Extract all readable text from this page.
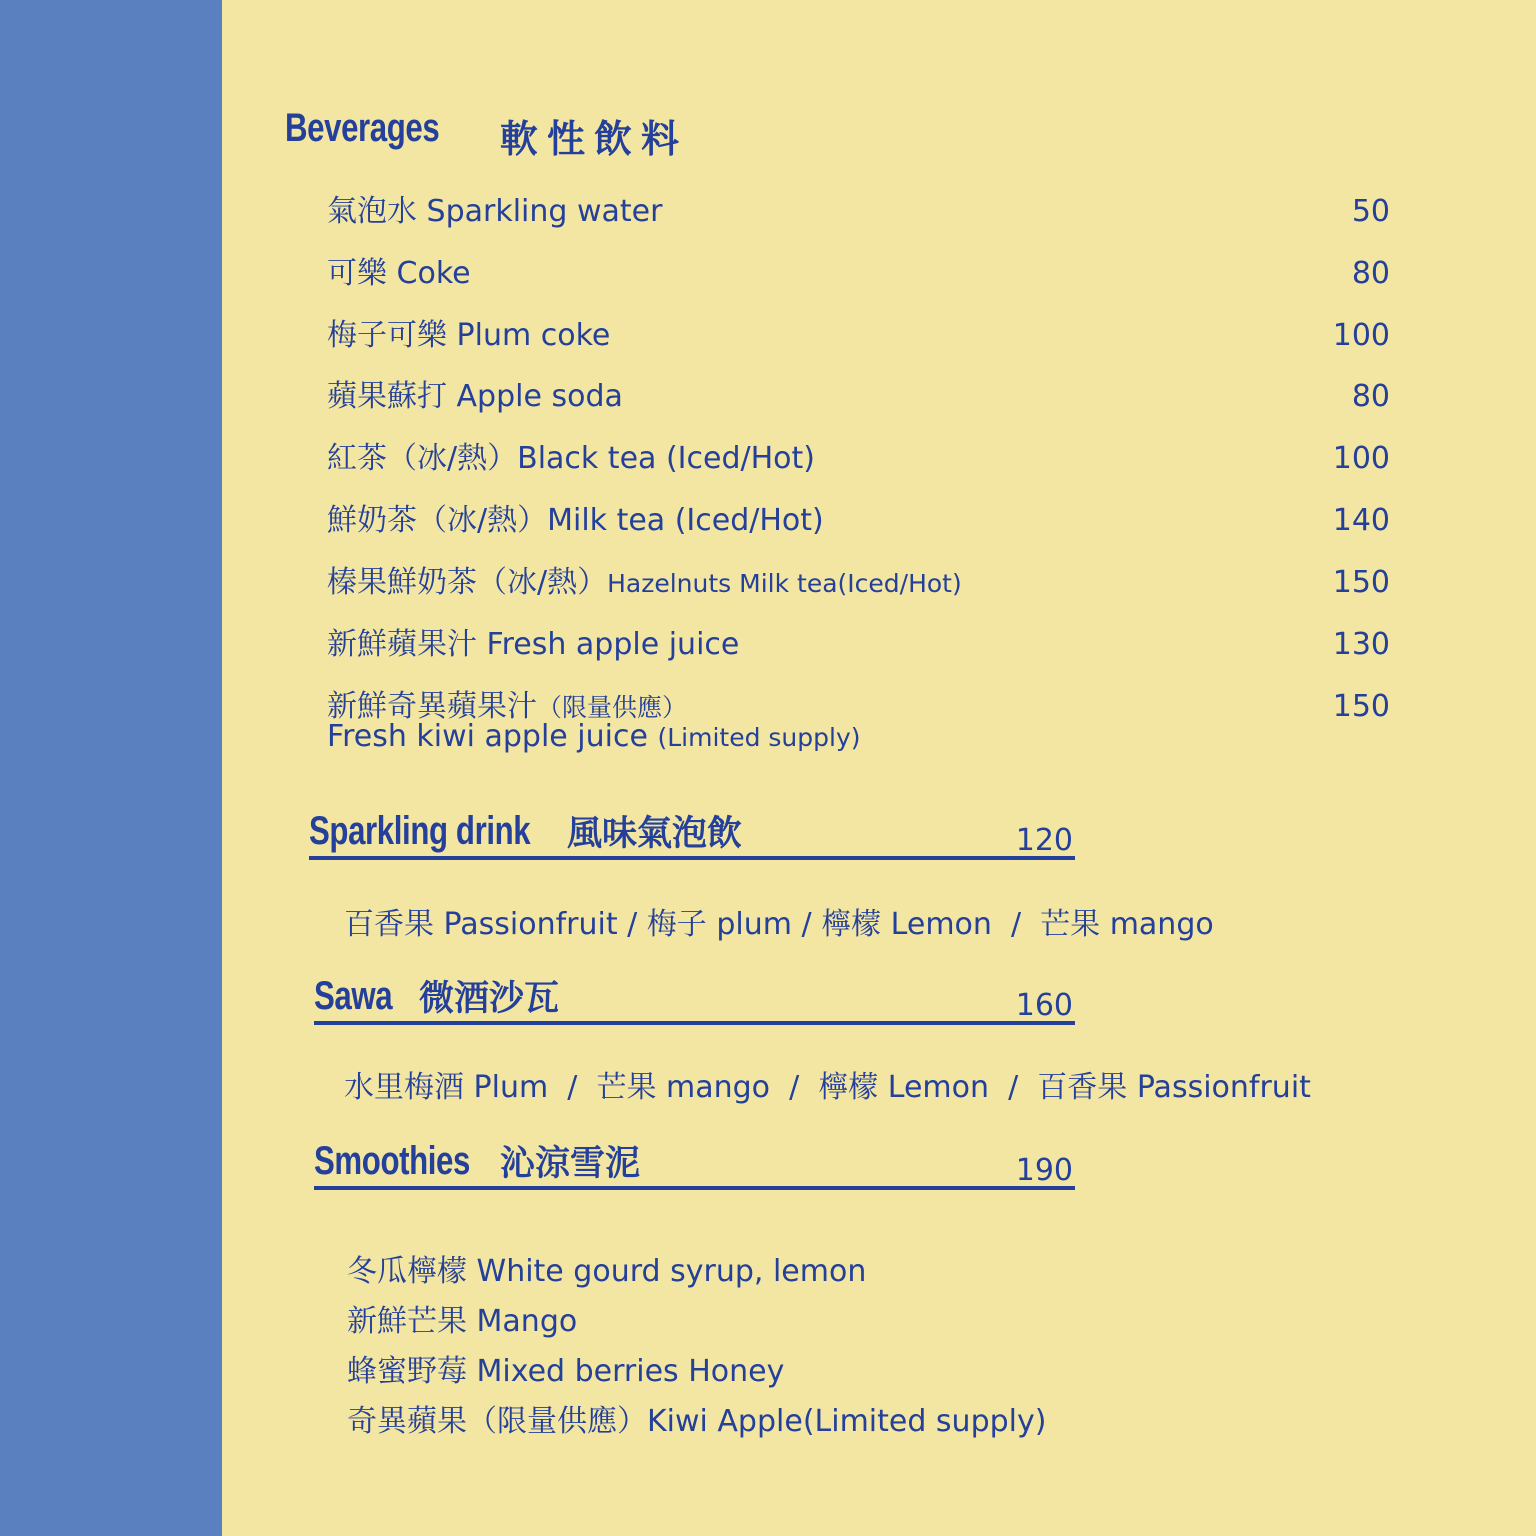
Beverages 軟性飲料
氣泡水 Sparkling water	50
可樂 Coke	80
梅子可樂 Plum coke	100
蘋果蘇打 Apple soda	80
紅茶（冰/熱）Black tea (Iced/Hot)	100
鮮奶茶（冰/熱）Milk tea (Iced/Hot)	140
榛果鮮奶茶（冰/熱）Hazelnuts Milk tea(Iced/Hot)	150
新鮮蘋果汁 Fresh apple juice	130
新鮮奇異蘋果汁（限量供應）	150
Fresh kiwi apple juice (Limited supply)
Sparkling drink 風味氣泡飲	120
百香果 Passionfruit / 梅子 plum / 檸檬 Lemon  /  芒果 mango
Sawa 微酒沙瓦	160
水里梅酒 Plum  /  芒果 mango  /  檸檬 Lemon  /  百香果 Passionfruit
Smoothies 沁涼雪泥	190
冬瓜檸檬 White gourd syrup, lemon
新鮮芒果 Mango
蜂蜜野莓 Mixed berries Honey
奇異蘋果（限量供應）Kiwi Apple(Limited supply)
